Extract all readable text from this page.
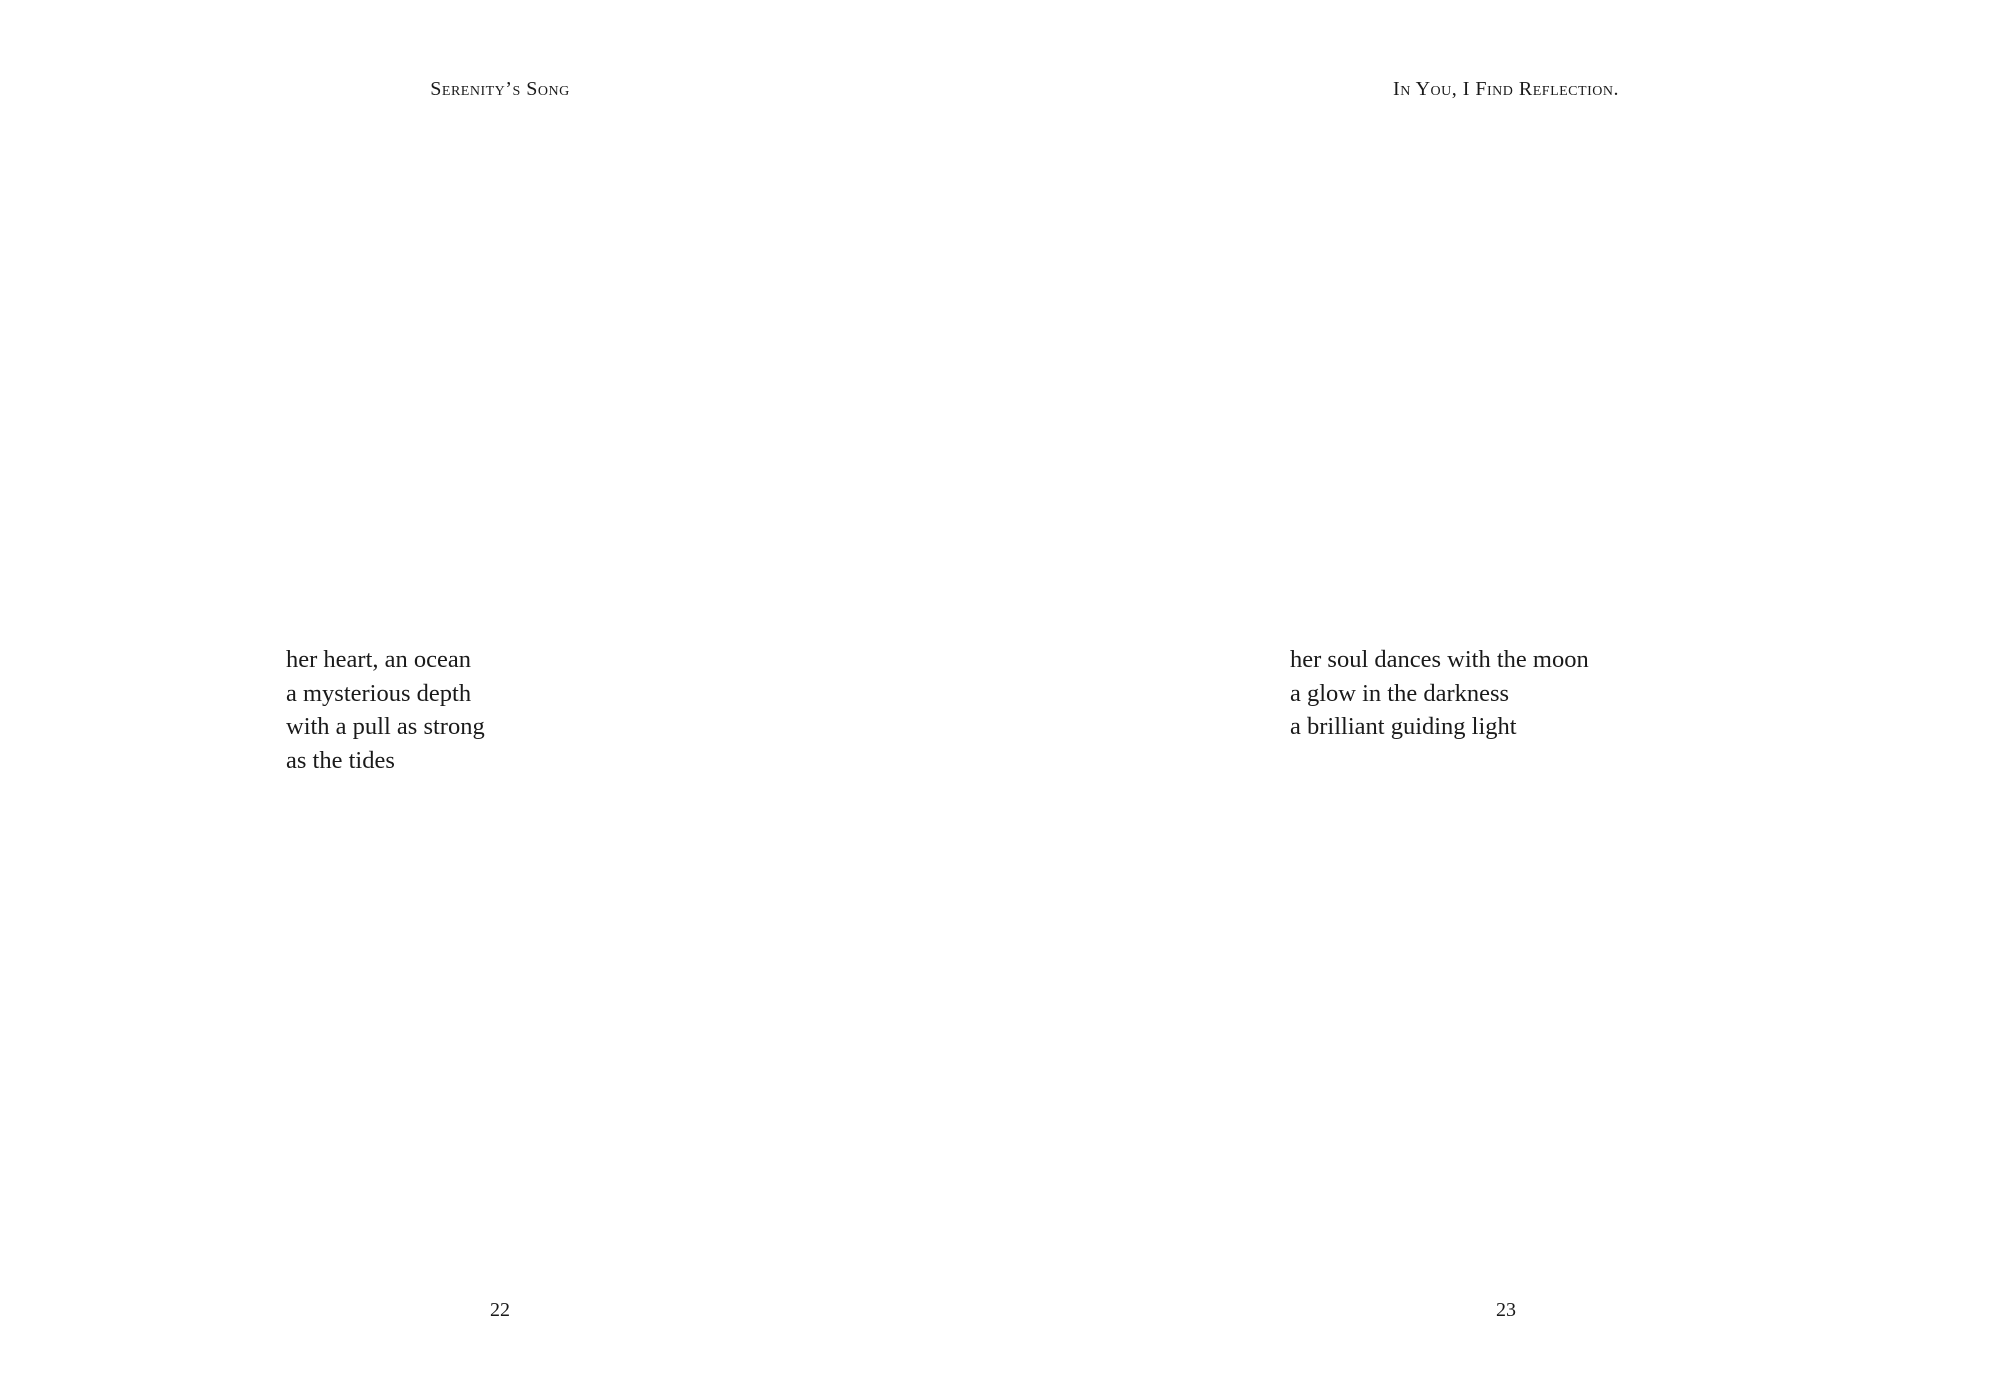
Serenity’s Song
her heart, an ocean
a mysterious depth
with a pull as strong
as the tides
22
In You, I Find Reflection.
her soul dances with the moon
a glow in the darkness
a brilliant guiding light
23
